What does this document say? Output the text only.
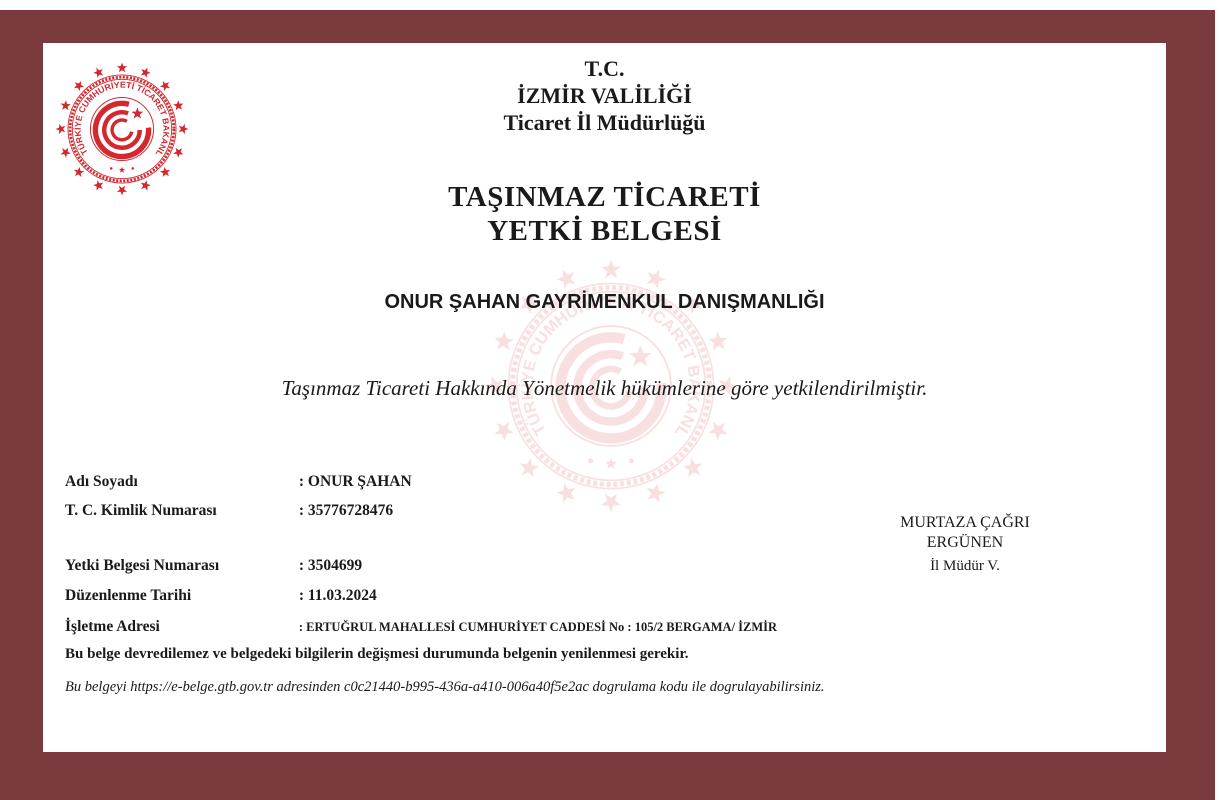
T.C.
İZMİR VALİLİĞİ
Ticaret İl Müdürlüğü
TAŞINMAZ TİCARETİ
YETKİ BELGESİ
ONUR ŞAHAN GAYRİMENKUL DANIŞMANLIĞI
Taşınmaz Ticareti Hakkında Yönetmelik hükümlerine göre yetkilendirilmiştir.
Adı Soyadı	: ONUR ŞAHAN
T. C. Kimlik Numarası	: 35776728476
Yetki Belgesi Numarası	: 3504699
Düzenlenme Tarihi	: 11.03.2024
İşletme Adresi	: ERTUĞRUL MAHALLESİ CUMHURİYET CADDESİ No : 105/2 BERGAMA/ İZMİR
Bu belge devredilemez ve belgedeki bilgilerin değişmesi durumunda belgenin yenilenmesi gerekir.
Bu belgeyi https://e-belge.gtb.gov.tr adresinden c0c21440-b995-436a-a410-006a40f5e2ac dogrulama kodu ile dogrulayabilirsiniz.
MURTAZA ÇAĞRI
ERGÜNEN
İl Müdür V.
